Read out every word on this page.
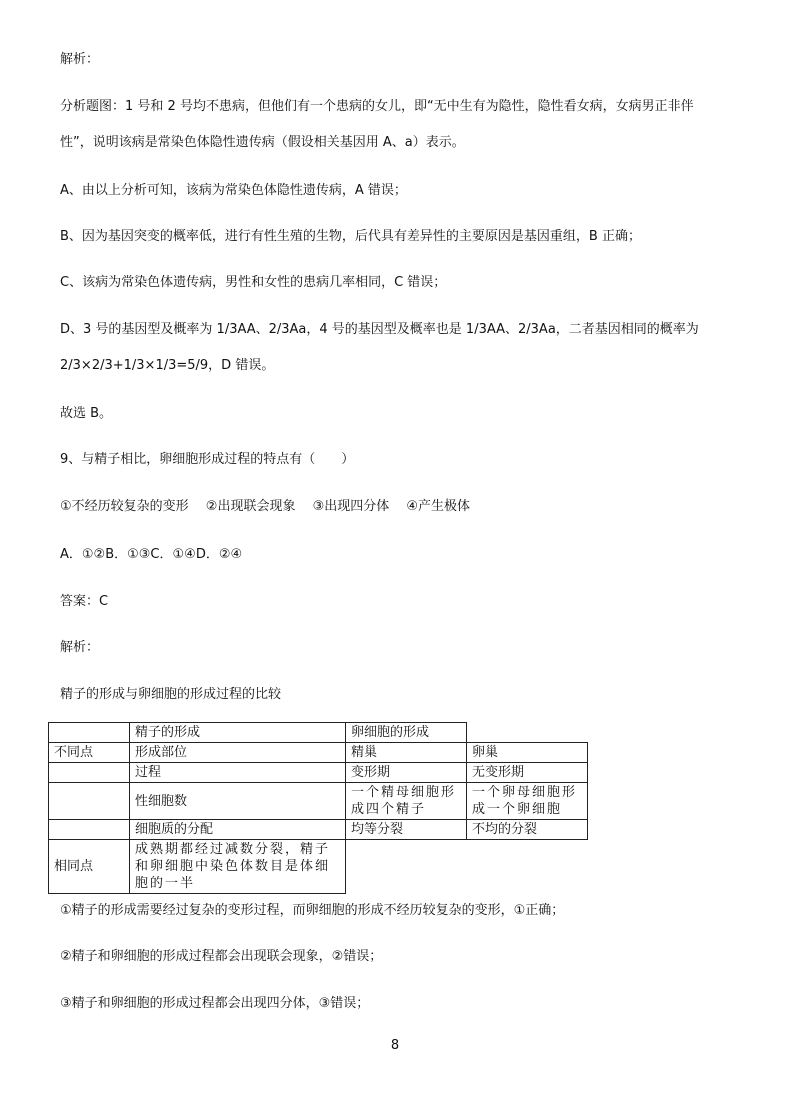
解析：
分析题图：1 号和 2 号均不患病，但他们有一个患病的女儿，即“无中生有为隐性，隐性看女病，女病男正非伴
性”，说明该病是常染色体隐性遗传病（假设相关基因用 A、a）表示。
A、由以上分析可知，该病为常染色体隐性遗传病，A 错误；
B、因为基因突变的概率低，进行有性生殖的生物，后代具有差异性的主要原因是基因重组，B 正确；
C、该病为常染色体遗传病，男性和女性的患病几率相同，C 错误；
D、3 号的基因型及概率为 1/3AA、2/3Aa，4 号的基因型及概率也是 1/3AA、2/3Aa，二者基因相同的概率为
2/3×2/3+1/3×1/3=5/9，D 错误。
故选 B。
9、与精子相比，卵细胞形成过程的特点有（　　）
①不经历较复杂的变形　 ②出现联会现象　 ③出现四分体　 ④产生极体
A．①②B．①③C．①④D．②④
答案：C
解析：
精子的形成与卵细胞的形成过程的比较
	精子的形成	卵细胞的形成	
不同点	形成部位	精巢	卵巢
	过程	变形期	无变形期
	性细胞数	一个精母细胞形成四个精子	一个卵母细胞形成一个卵细胞
	细胞质的分配	均等分裂	不均的分裂
相同点	成熟期都经过减数分裂，精子和卵细胞中染色体数目是体细胞的一半		
①精子的形成需要经过复杂的变形过程，而卵细胞的形成不经历较复杂的变形，①正确；
②精子和卵细胞的形成过程都会出现联会现象，②错误；
③精子和卵细胞的形成过程都会出现四分体，③错误；
8
